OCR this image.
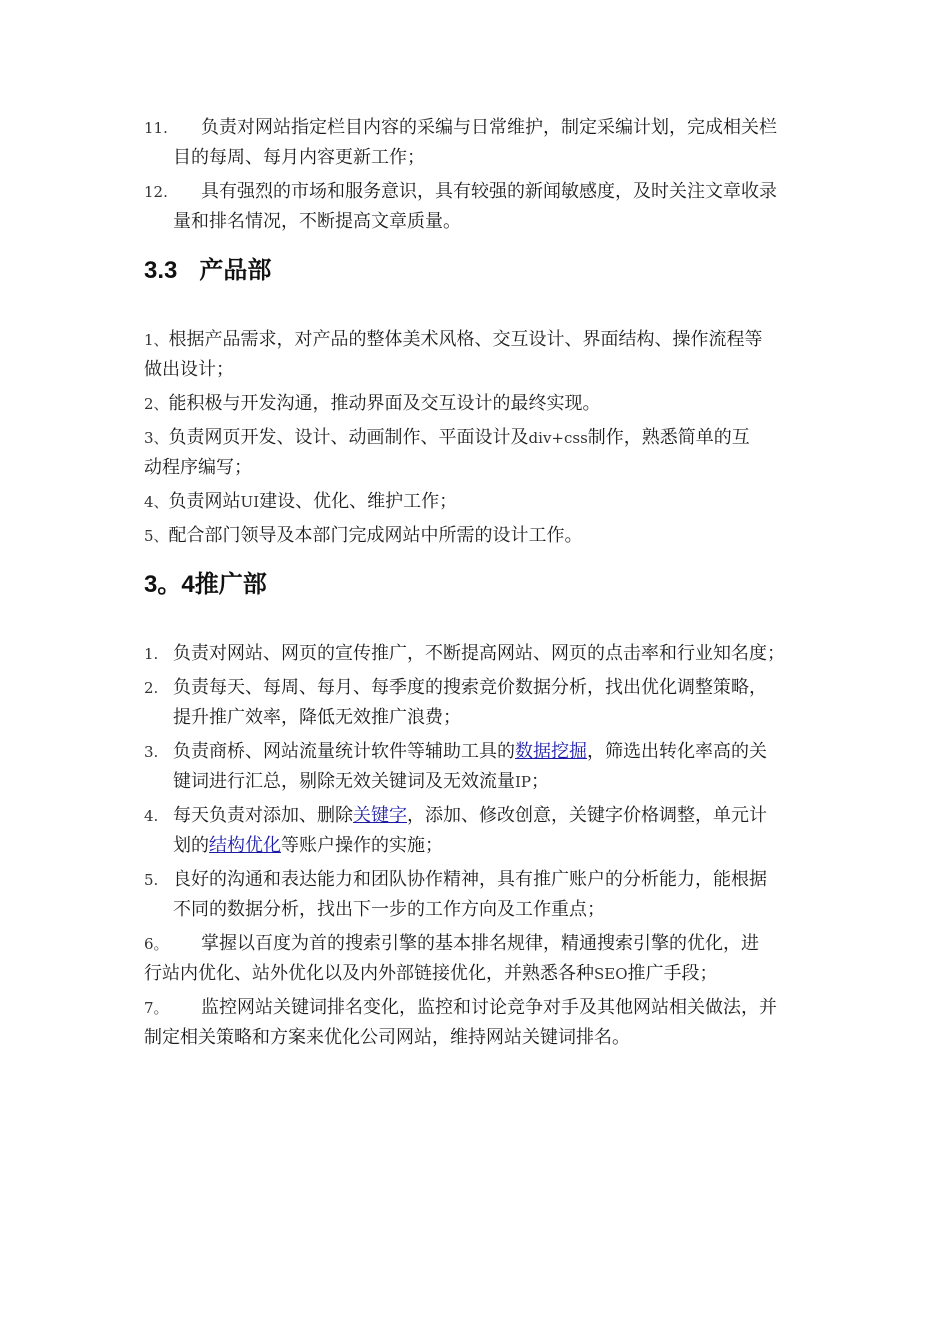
11. 负责对网站指定栏目内容的采编与日常维护，制定采编计划，完成相关栏
目的每周、每月内容更新工作；
12. 具有强烈的市场和服务意识，具有较强的新闻敏感度，及时关注文章收录
量和排名情况，不断提高文章质量。
3.3 产品部
1、根据产品需求，对产品的整体美术风格、交互设计、界面结构、操作流程等
做出设计；
2、能积极与开发沟通，推动界面及交互设计的最终实现。
3、负责网页开发、设计、动画制作、平面设计及div+css制作，熟悉简单的互
动程序编写；
4、负责网站UI建设、优化、维护工作；
5、配合部门领导及本部门完成网站中所需的设计工作。
3。4推广部
1. 负责对网站、网页的宣传推广，不断提高网站、网页的点击率和行业知名度；
2. 负责每天、每周、每月、每季度的搜索竞价数据分析，找出优化调整策略，
提升推广效率，降低无效推广浪费；
3. 负责商桥、网站流量统计软件等辅助工具的数据挖掘，筛选出转化率高的关
键词进行汇总，剔除无效关键词及无效流量IP；
4. 每天负责对添加、删除关键字，添加、修改创意，关键字价格调整，单元计
划的结构优化等账户操作的实施；
5. 良好的沟通和表达能力和团队协作精神，具有推广账户的分析能力，能根据
不同的数据分析，找出下一步的工作方向及工作重点；
6。 掌握以百度为首的搜索引擎的基本排名规律，精通搜索引擎的优化，进
行站内优化、站外优化以及内外部链接优化，并熟悉各种SEO推广手段；
7。 监控网站关键词排名变化，监控和讨论竞争对手及其他网站相关做法，并
制定相关策略和方案来优化公司网站，维持网站关键词排名。
